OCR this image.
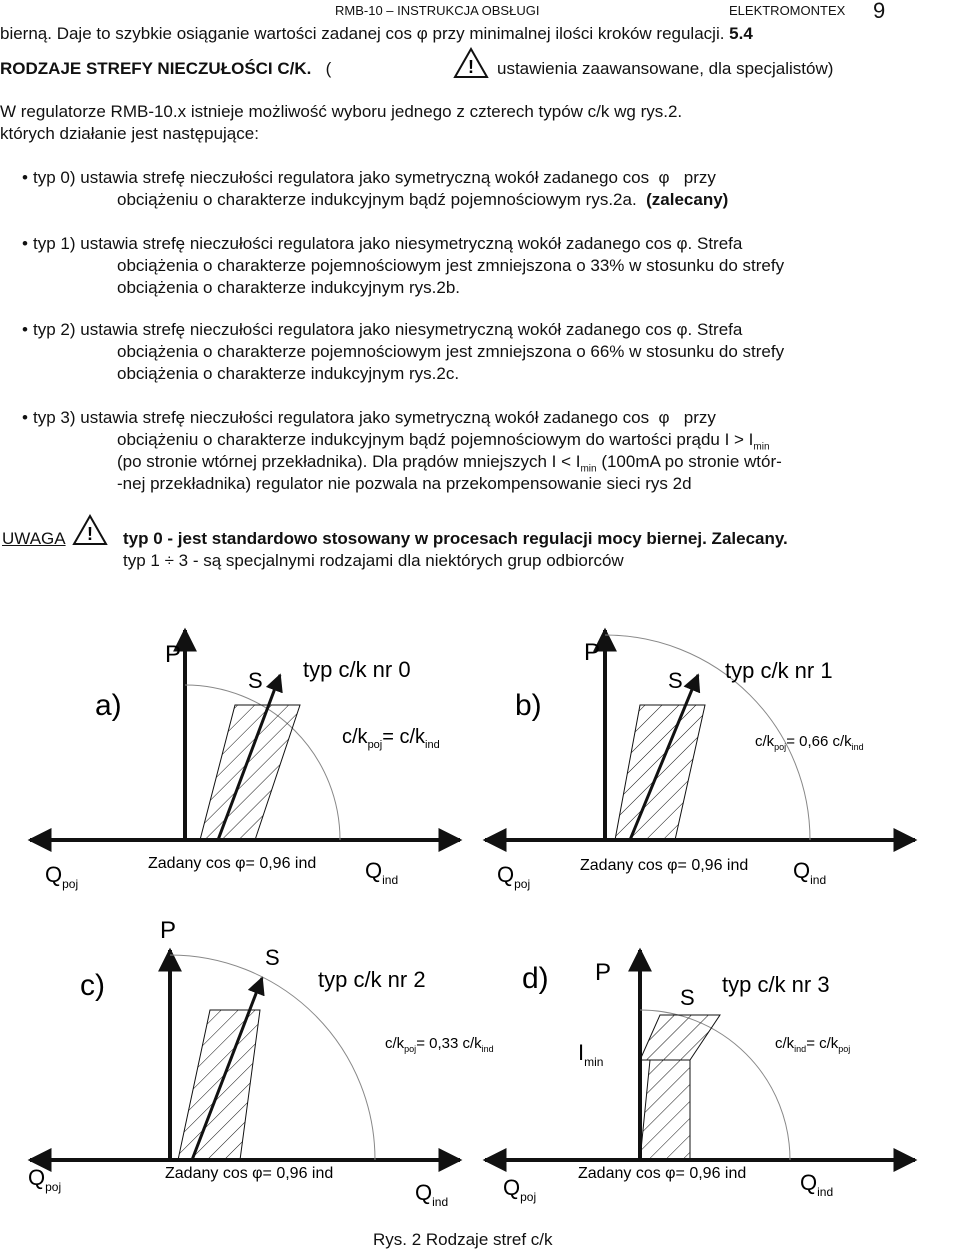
RMB-10 – INSTRUKCJA OBSŁUGI	ELEKTROMONTEX 9
bierną. Daje to szybkie osiąganie wartości zadanej cos φ przy minimalnej ilości kroków regulacji. 5.4
RODZAJE STREFY NIECZUŁOŚCI C/K. (	! ustawienia zaawansowane, dla specjalistów)
W regulatorze RMB-10.x istnieje możliwość wyboru jednego z czterech typów c/k wg rys.2.
których działanie jest następujące:
• typ 0) ustawia strefę nieczułości regulatora jako symetryczną wokół zadanego cos φ przy
obciążeniu o charakterze indukcyjnym bądź pojemnościowym rys.2a. (zalecany)
• typ 1) ustawia strefę nieczułości regulatora jako niesymetryczną wokół zadanego cos φ. Strefa
obciążenia o charakterze pojemnościowym jest zmniejszona o 33% w stosunku do strefy
obciążenia o charakterze indukcyjnym rys.2b.
• typ 2) ustawia strefę nieczułości regulatora jako niesymetryczną wokół zadanego cos φ. Strefa
obciążenia o charakterze pojemnościowym jest zmniejszona o 66% w stosunku do strefy
obciążenia o charakterze indukcyjnym rys.2c.
• typ 3) ustawia strefę nieczułości regulatora jako symetryczną wokół zadanego cos φ przy
obciążeniu o charakterze indukcyjnym bądź pojemnościowym do wartości prądu $I > I_{min}$
(po stronie wtórnej przekładnika). Dla prądów mniejszych $I < I_{min}$ (100mA po stronie wtór-
-nej przekładnika) regulator nie pozwala na przekompensowanie sieci rys 2d
UWAGA ! typ 0 - jest standardowo stosowany w procesach regulacji mocy biernej. Zalecany.
typ 1 ÷ 3 - są specjalnymi rodzajami dla niektórych grup odbiorców
a)
P
S typ c/k nr 0
$c/k_{poj}= c/k_{ind}$
$Q_{poj}$
Zadany cos φ= 0,96 ind $Q_{ind}$
b)
P
S typ c/k nr 1
$c/k_{poj}= 0,66$ $c/k_{ind}$
$Q_{poj}$
Zadany cos φ= 0,96 ind $Q_{ind}$
c)
P
S
typ c/k nr 2
$c/k_{poj}= 0,33$ $c/k_{ind}$
$Q_{poj}$
Zadany cos φ= 0,96 ind
$Q_{ind}$
d) P
S
typ c/k nr 3
$c/k_{ind}= c/k_{poj}$
$I_{min}$
$Q_{poj}$
Zadany cos φ= 0,96 ind $Q_{ind}$
Rys. 2 Rodzaje stref c/k
